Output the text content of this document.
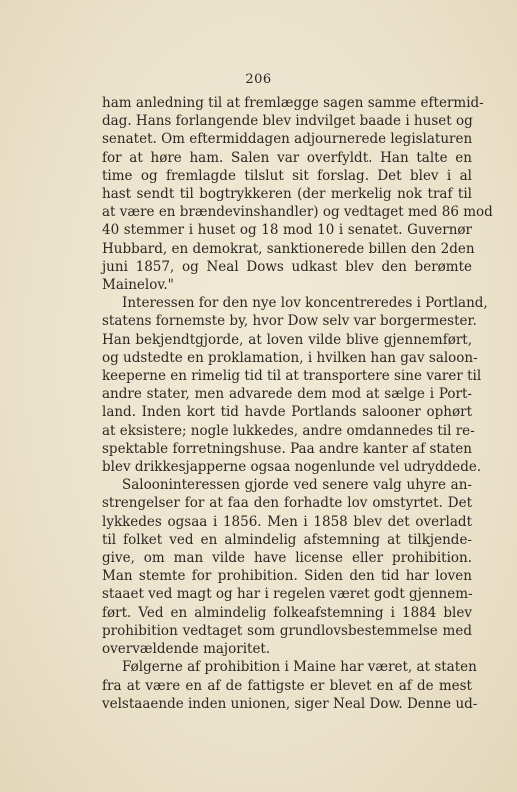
206

ham anledning til at fremlægge sagen samme eftermid-
dag. Hans forlangende blev indvilget baade i huset og
senatet. Om eftermiddagen adjournerede legislaturen
for at høre ham. Salen var overfyldt. Han talte en
time og fremlagde tilslut sit forslag. Det blev i al
hast sendt til bogtrykkeren (der merkelig nok traf til
at være en brændevinshandler) og vedtaget med 86 mod
40 stemmer i huset og 18 mod 10 i senatet. Guvernør
Hubbard, en demokrat, sanktionerede billen den 2den
juni 1857, og Neal Dows udkast blev den berømte
Mainelov."

Interessen for den nye lov koncentreredes i Portland,
statens fornemste by, hvor Dow selv var borgermester.
Han bekjendtgjorde, at loven vilde blive gjennemført,
og udstedte en proklamation, i hvilken han gav saloon-
keeperne en rimelig tid til at transportere sine varer til
andre stater, men advarede dem mod at sælge i Port-
land. Inden kort tid havde Portlands salooner ophørt
at eksistere; nogle lukkedes, andre omdannedes til re-
spektable forretningshuse. Paa andre kanter af staten
blev drikkesjapperne ogsaa nogenlunde vel udryddede.

Salooninteressen gjorde ved senere valg uhyre an-
strengelser for at faa den forhadte lov omstyrtet. Det
lykkedes ogsaa i 1856. Men i 1858 blev det overladt
til folket ved en almindelig afstemning at tilkjende-
give, om man vilde have license eller prohibition.
Man stemte for prohibition. Siden den tid har loven
staaet ved magt og har i regelen været godt gjennem-
ført. Ved en almindelig folkeafstemning i 1884 blev
prohibition vedtaget som grundlovsbestemmelse med
overvældende majoritet.

Følgerne af prohibition i Maine har været, at staten
fra at være en af de fattigste er blevet en af de mest
velstaaende inden unionen, siger Neal Dow. Denne ud-
